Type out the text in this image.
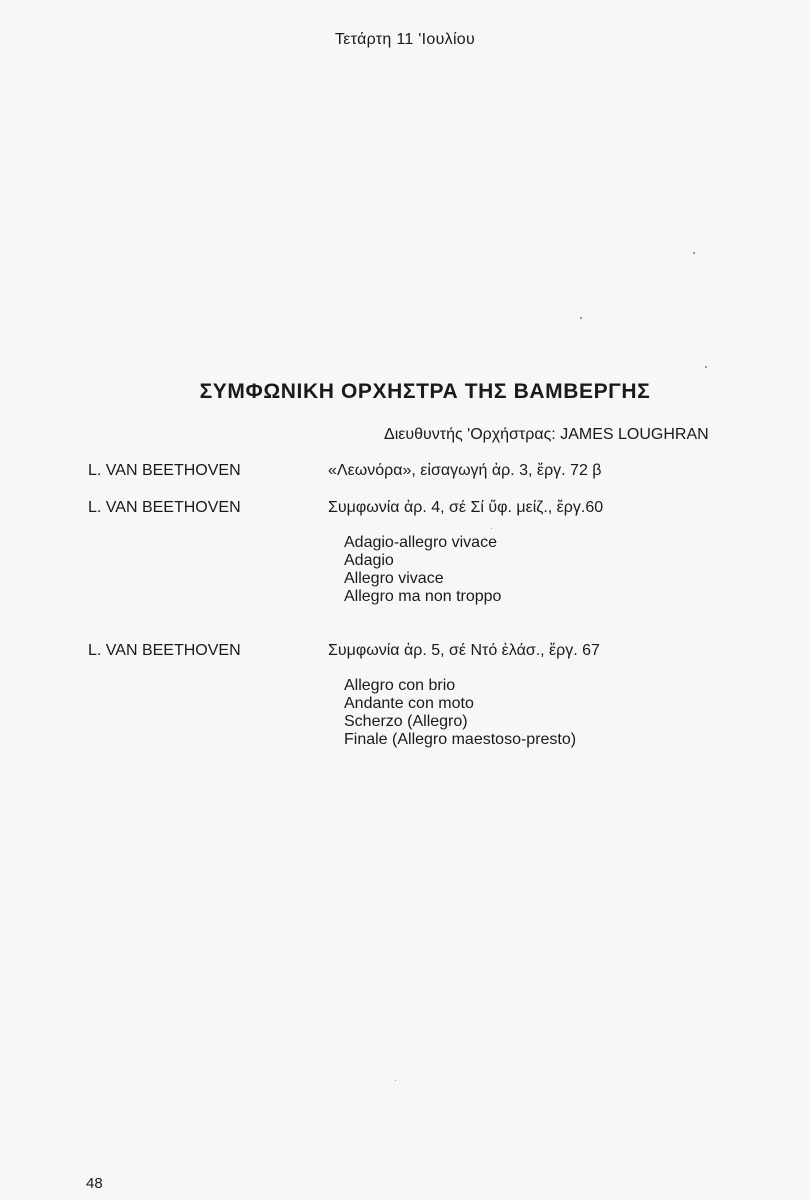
Τετάρτη 11 'Ιουλίου
ΣΥΜΦΩΝΙΚΗ ΟΡΧΗΣΤΡΑ ΤΗΣ ΒΑΜΒΕΡΓΗΣ
Διευθυντής 'Ορχήστρας: JAMES LOUGHRAN
L. VAN BEETHOVEN	«Λεωνόρα», εἰσαγωγή ἀρ. 3, ἔργ. 72 β
L. VAN BEETHOVEN	Συμφωνία ἀρ. 4, σέ Σί ὕφ. μείζ., ἔργ.60
Adagio-allegro vivace
Adagio
Allegro vivace
Allegro ma non troppo
L. VAN BEETHOVEN	Συμφωνία ἀρ. 5, σέ Ντό ἐλάσ., ἔργ. 67
Allegro con brio
Andante con moto
Scherzo (Allegro)
Finale (Allegro maestoso-presto)
48
